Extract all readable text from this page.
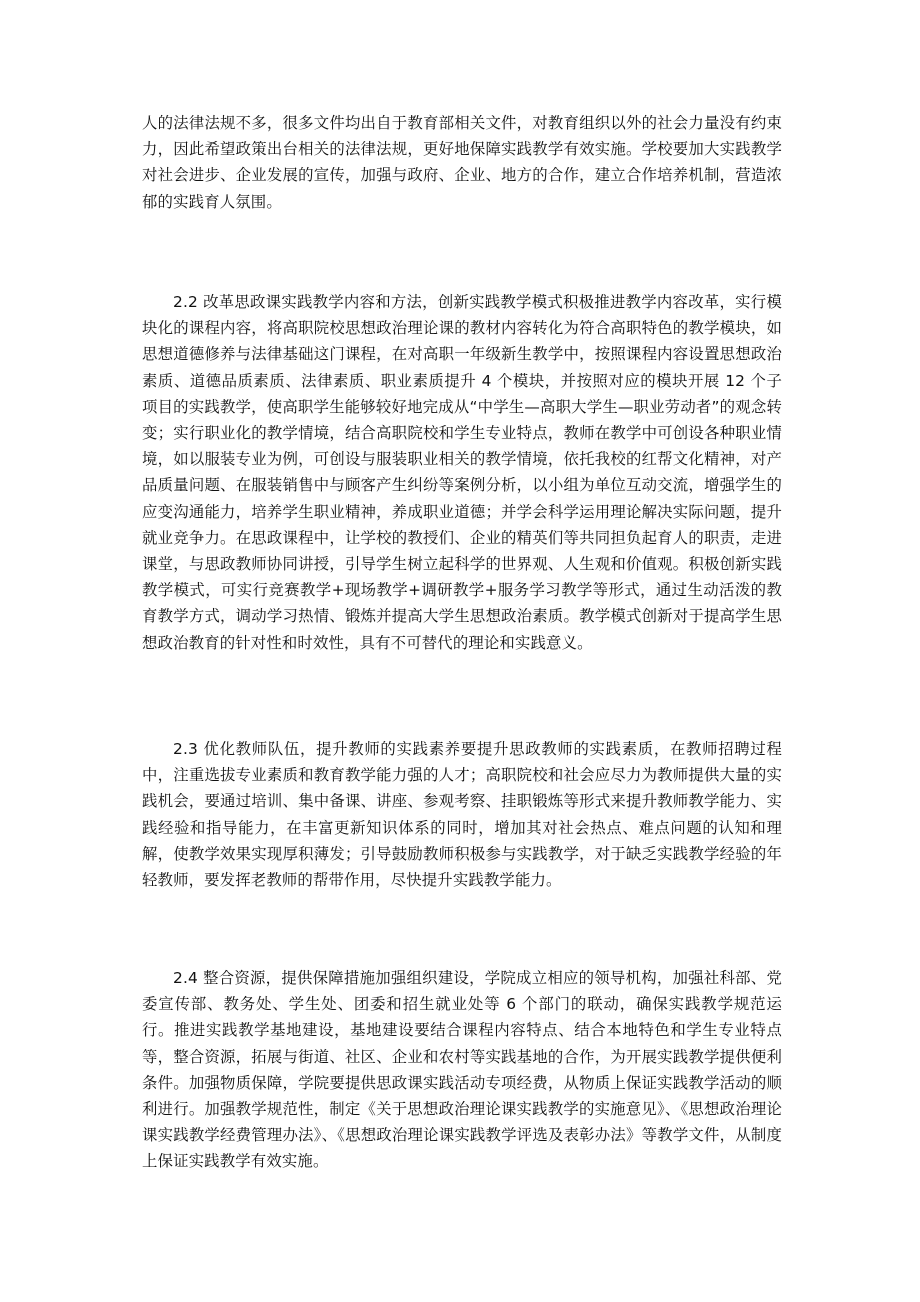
人的法律法规不多，很多文件均出自于教育部相关文件，对教育组织以外的社会力量没有约束力，因此希望政策出台相关的法律法规，更好地保障实践教学有效实施。学校要加大实践教学对社会进步、企业发展的宣传，加强与政府、企业、地方的合作，建立合作培养机制，营造浓郁的实践育人氛围。

2.2 改革思政课实践教学内容和方法，创新实践教学模式积极推进教学内容改革，实行模块化的课程内容，将高职院校思想政治理论课的教材内容转化为符合高职特色的教学模块，如思想道德修养与法律基础这门课程，在对高职一年级新生教学中，按照课程内容设置思想政治素质、道德品质素质、法律素质、职业素质提升 4 个模块，并按照对应的模块开展 12 个子项目的实践教学，使高职学生能够较好地完成从“中学生—高职大学生—职业劳动者”的观念转变；实行职业化的教学情境，结合高职院校和学生专业特点，教师在教学中可创设各种职业情境，如以服装专业为例，可创设与服装职业相关的教学情境，依托我校的红帮文化精神，对产品质量问题、在服装销售中与顾客产生纠纷等案例分析，以小组为单位互动交流，增强学生的应变沟通能力，培养学生职业精神，养成职业道德；并学会科学运用理论解决实际问题，提升就业竞争力。在思政课程中，让学校的教授们、企业的精英们等共同担负起育人的职责，走进课堂，与思政教师协同讲授，引导学生树立起科学的世界观、人生观和价值观。积极创新实践教学模式，可实行竞赛教学+现场教学+调研教学+服务学习教学等形式，通过生动活泼的教育教学方式，调动学习热情、锻炼并提高大学生思想政治素质。教学模式创新对于提高学生思想政治教育的针对性和时效性，具有不可替代的理论和实践意义。

2.3 优化教师队伍，提升教师的实践素养要提升思政教师的实践素质，在教师招聘过程中，注重选拔专业素质和教育教学能力强的人才；高职院校和社会应尽力为教师提供大量的实践机会，要通过培训、集中备课、讲座、参观考察、挂职锻炼等形式来提升教师教学能力、实践经验和指导能力，在丰富更新知识体系的同时，增加其对社会热点、难点问题的认知和理解，使教学效果实现厚积薄发；引导鼓励教师积极参与实践教学，对于缺乏实践教学经验的年轻教师，要发挥老教师的帮带作用，尽快提升实践教学能力。

2.4 整合资源，提供保障措施加强组织建设，学院成立相应的领导机构，加强社科部、党委宣传部、教务处、学生处、团委和招生就业处等 6 个部门的联动，确保实践教学规范运行。推进实践教学基地建设，基地建设要结合课程内容特点、结合本地特色和学生专业特点等，整合资源，拓展与街道、社区、企业和农村等实践基地的合作，为开展实践教学提供便利条件。加强物质保障，学院要提供思政课实践活动专项经费，从物质上保证实践教学活动的顺利进行。加强教学规范性，制定《关于思想政治理论课实践教学的实施意见》、《思想政治理论课实践教学经费管理办法》、《思想政治理论课实践教学评选及表彰办法》等教学文件，从制度上保证实践教学有效实施。
